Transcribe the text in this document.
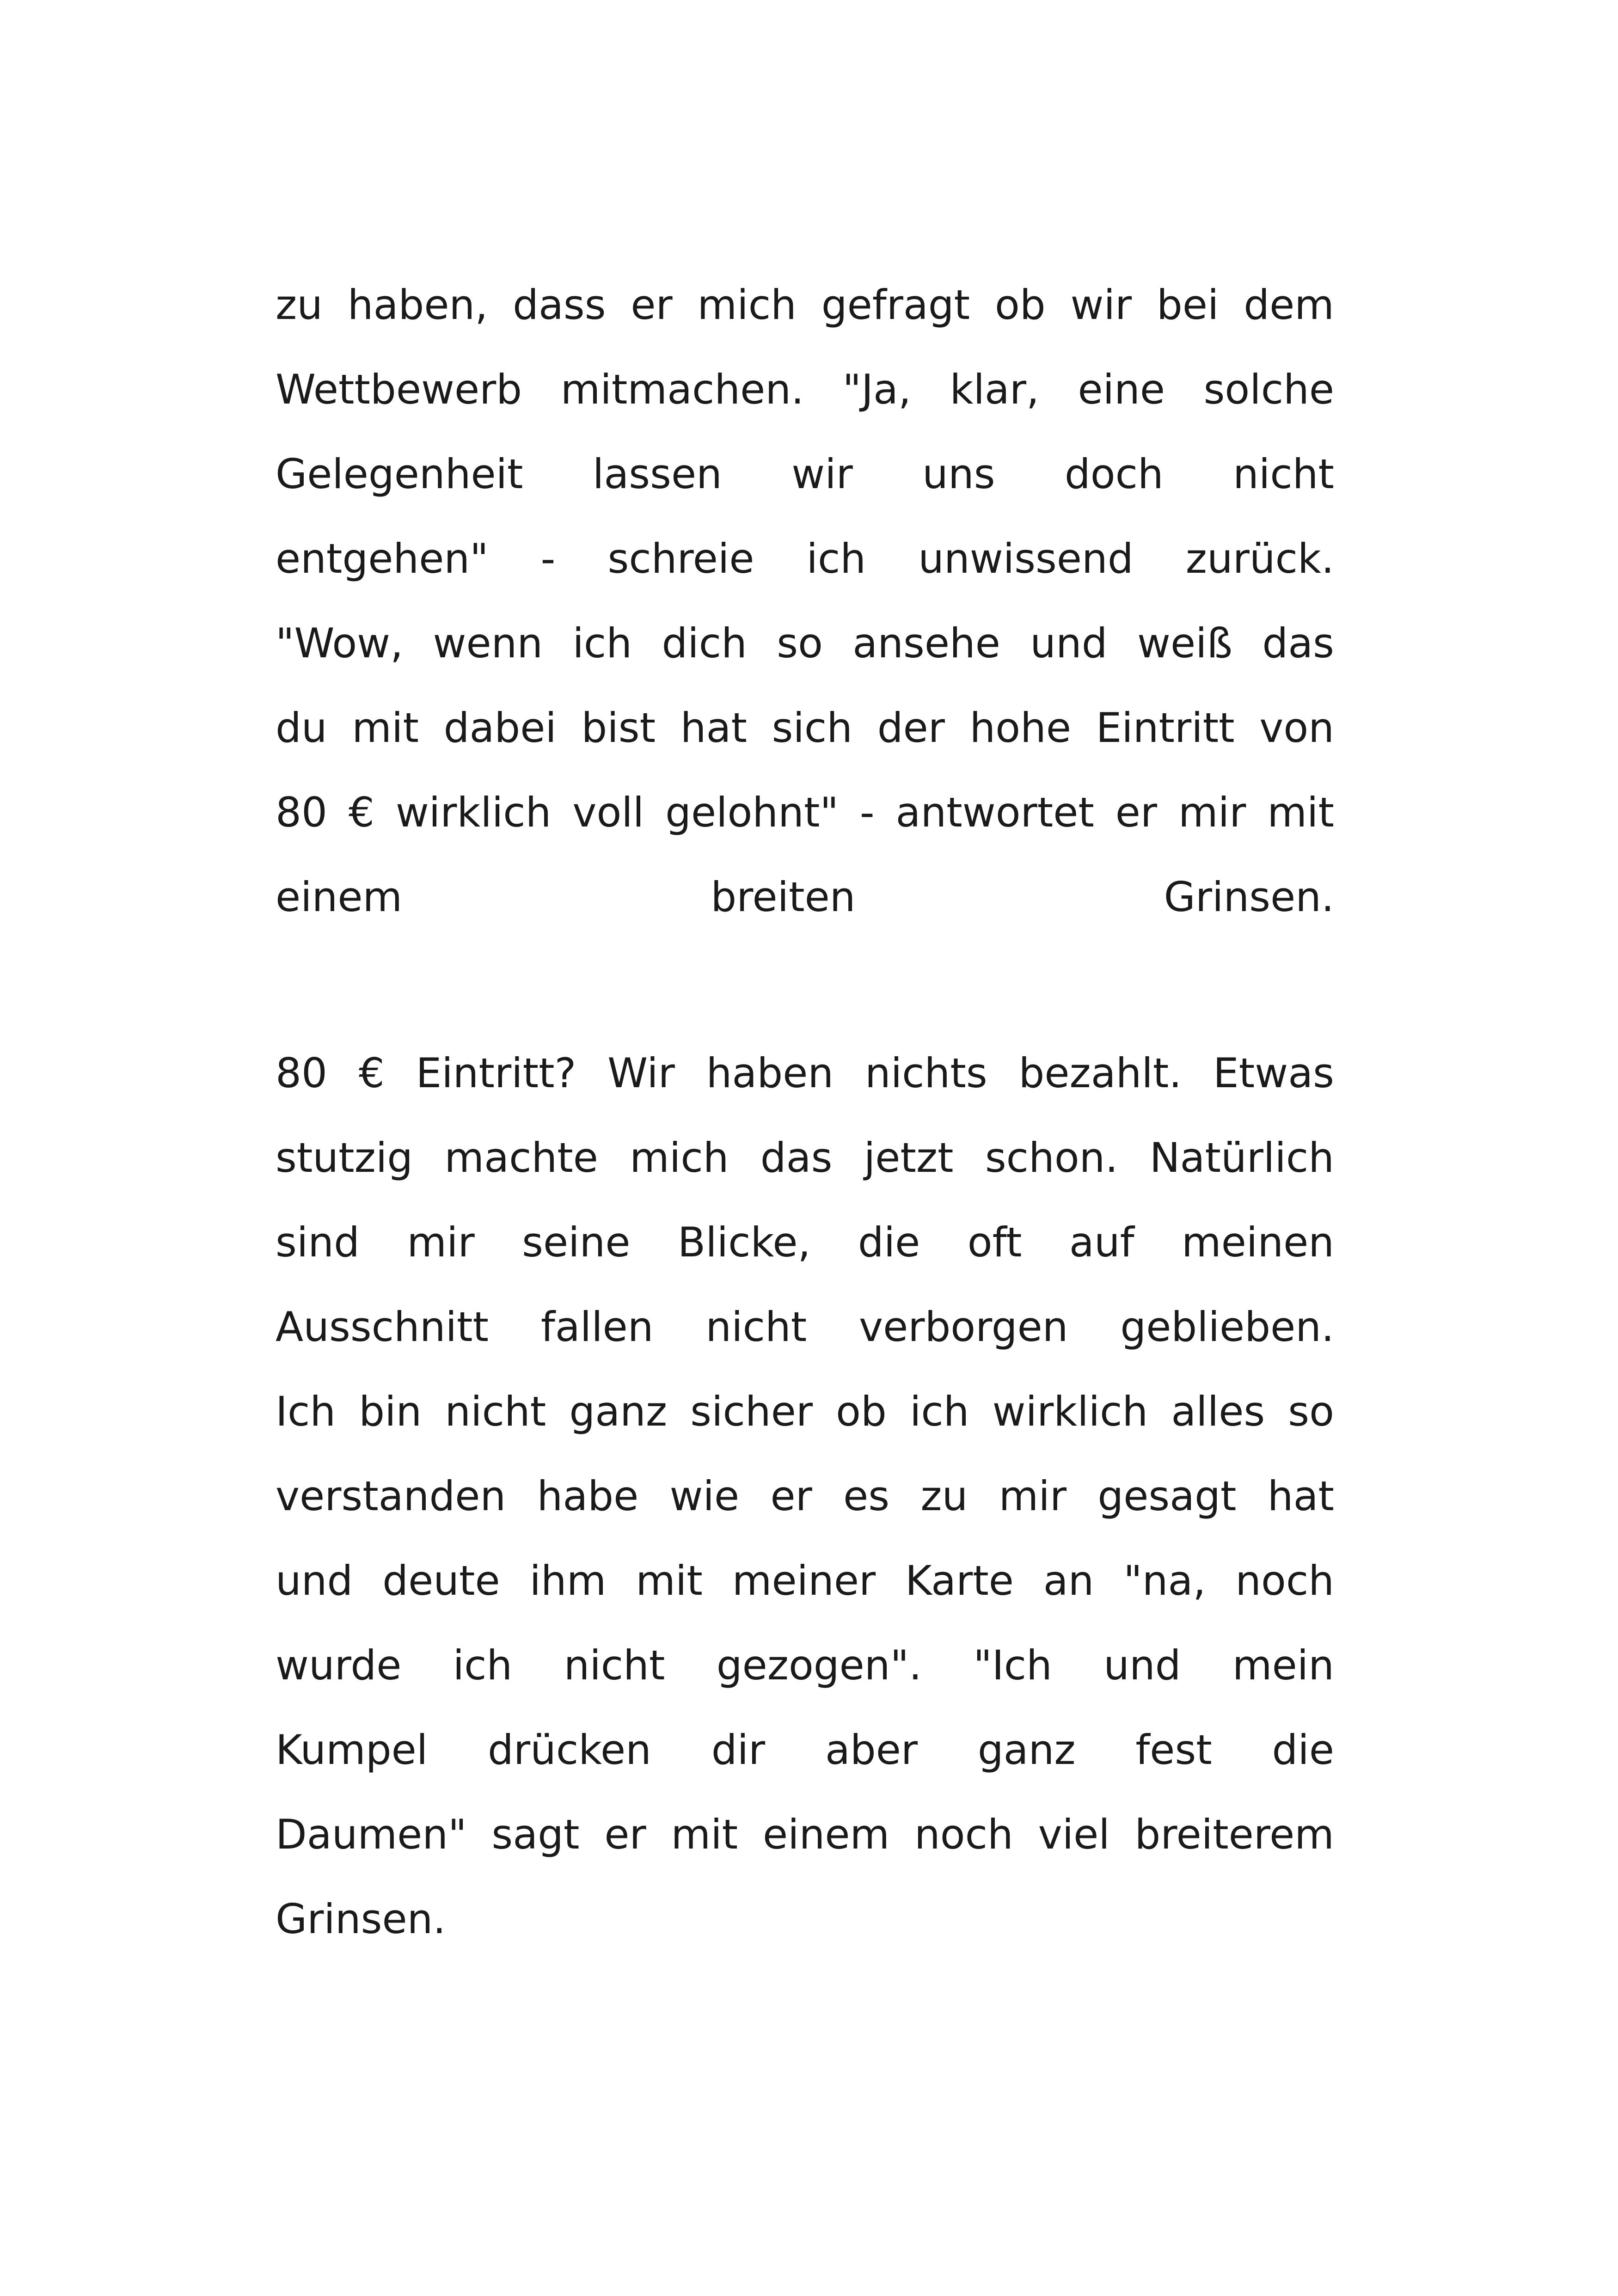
zu haben, dass er mich gefragt ob wir bei dem
Wettbewerb mitmachen. "Ja, klar, eine solche
Gelegenheit lassen wir uns doch nicht
entgehen" - schreie ich unwissend zurück.
"Wow, wenn ich dich so ansehe und weiß das
du mit dabei bist hat sich der hohe Eintritt von
80 € wirklich voll gelohnt" - antwortet er mir mit
einem breiten Grinsen.
80 € Eintritt? Wir haben nichts bezahlt. Etwas
stutzig machte mich das jetzt schon. Natürlich
sind mir seine Blicke, die oft auf meinen
Ausschnitt fallen nicht verborgen geblieben.
Ich bin nicht ganz sicher ob ich wirklich alles so
verstanden habe wie er es zu mir gesagt hat
und deute ihm mit meiner Karte an "na, noch
wurde ich nicht gezogen". "Ich und mein
Kumpel drücken dir aber ganz fest die
Daumen" sagt er mit einem noch viel breiterem
Grinsen.
